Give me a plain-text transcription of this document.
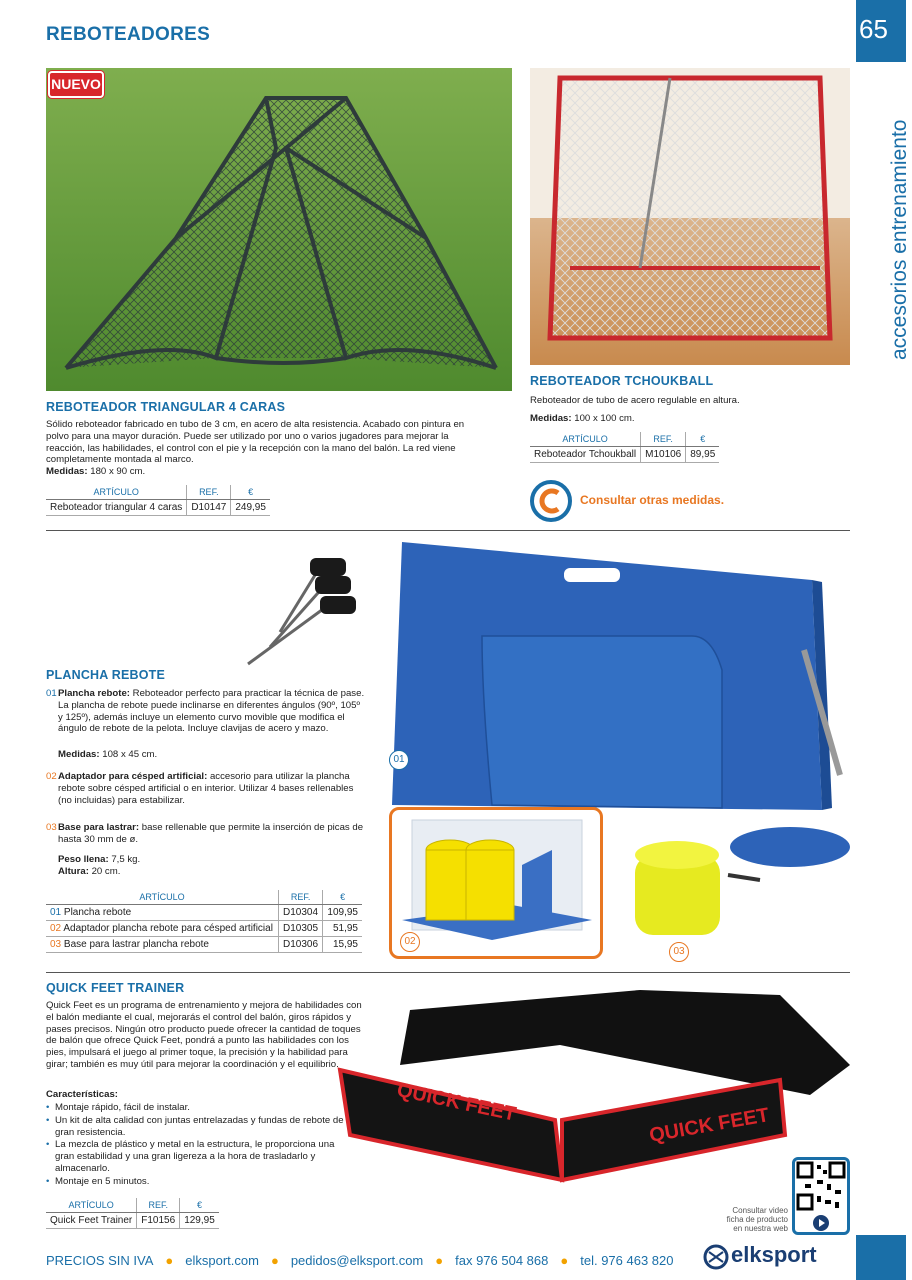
REBOTEADORES	65
accesorios entrenamiento
NUEVO
REBOTEADOR TRIANGULAR 4 CARAS
Sólido reboteador fabricado en tubo de 3 cm, en acero de alta resistencia. Acabado con pintura en polvo para una mayor duración. Puede ser utilizado por uno o varios jugadores para mejorar la reacción, las habilidades, el control con el pie y la recepción con la mano del balón. La red viene completamente montada al marco.
Medidas: 180 x 90 cm.
ARTÍCULO	REF.	€
Reboteador triangular 4 caras	D10147	249,95
REBOTEADOR TCHOUKBALL
Reboteador de tubo de acero regulable en altura.
Medidas: 100 x 100 cm.
ARTÍCULO	REF.	€
Reboteador Tchoukball	M10106	89,95
Consultar otras medidas.
01
02
03
PLANCHA REBOTE
01 Plancha rebote: Reboteador perfecto para practicar la técnica de pase. La plancha de rebote puede inclinarse en diferentes ángulos (90º, 105º y 125º), además incluye un elemento curvo movible que modifica el ángulo de rebote de la pelota. Incluye clavijas de acero y mazo.
Medidas: 108 x 45 cm.
02 Adaptador para césped artificial: accesorio para utilizar la plancha rebote sobre césped artificial o en interior. Utilizar 4 bases rellenables (no incluidas) para estabilizar.
03 Base para lastrar: base rellenable que permite la inserción de picas de hasta 30 mm de ø.
Peso llena: 7,5 kg.
Altura: 20 cm.
ARTÍCULO	REF.	€
01 Plancha rebote	D10304	109,95
02 Adaptador plancha rebote para césped artificial	D10305	51,95
03 Base para lastrar plancha rebote	D10306	15,95
QUICK FEET TRAINER
Quick Feet es un programa de entrenamiento y mejora de habilidades con el balón mediante el cual, mejorarás el control del balón, giros rápidos y pases precisos. Ningún otro producto puede ofrecer la cantidad de toques de balón que ofrece Quick Feet, pondrá a punto las habilidades con los pies, impulsará el juego al primer toque, la precisión y la habilidad para girar; también es muy útil para mejorar la coordinación y el equilibrio.
Características:
• Montaje rápido, fácil de instalar.
• Un kit de alta calidad con juntas entrelazadas y fundas de rebote de gran resistencia.
• La mezcla de plástico y metal en la estructura, le proporciona una gran estabilidad y una gran ligereza a la hora de trasladarlo y almacenarlo.
• Montaje en 5 minutos.
ARTÍCULO	REF.	€
Quick Feet Trainer	F10156	129,95
QUICK FEET	QUICK FEET
Consultar video
ficha de producto
en nuestra web
PRECIOS SIN IVA ● elksport.com ● pedidos@elksport.com ● fax 976 504 868 ● tel. 976 463 820	elksport
